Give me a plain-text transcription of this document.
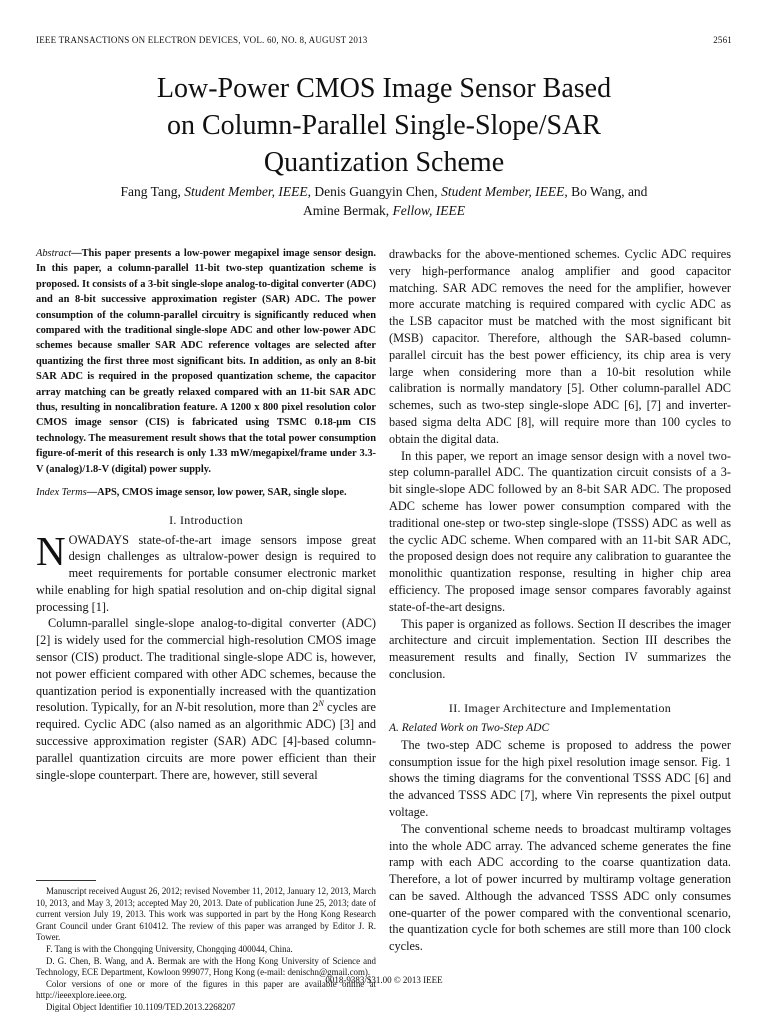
IEEE TRANSACTIONS ON ELECTRON DEVICES, VOL. 60, NO. 8, AUGUST 2013	2561
Low-Power CMOS Image Sensor Based
on Column-Parallel Single-Slope/SAR
Quantization Scheme
Fang Tang, Student Member, IEEE, Denis Guangyin Chen, Student Member, IEEE, Bo Wang, and
Amine Bermak, Fellow, IEEE
Abstract—This paper presents a low-power megapixel image sensor design. In this paper, a column-parallel 11-bit two-step quantization scheme is proposed. It consists of a 3-bit single-slope analog-to-digital converter (ADC) and an 8-bit successive approximation register (SAR) ADC. The power consumption of the column-parallel circuitry is significantly reduced when compared with the traditional single-slope ADC and other low-power ADC schemes because smaller SAR ADC reference voltages are selected after quantizing the first three most significant bits. In addition, as only an 8-bit SAR ADC is required in the proposed quantization scheme, the capacitor array matching can be greatly relaxed compared with an 11-bit SAR ADC thus, resulting in noncalibration feature. A 1200 x 800 pixel resolution color CMOS image sensor (CIS) is fabricated using TSMC 0.18-μm CIS technology. The measurement result shows that the total power consumption figure-of-merit of this research is only 1.33 mW/megapixel/frame under 3.3-V (analog)/1.8-V (digital) power supply.
Index Terms—APS, CMOS image sensor, low power, SAR, single slope.
I. Introduction

NOWADAYS state-of-the-art image sensors impose great design challenges as ultralow-power design is required to meet requirements for portable consumer electronic market while enabling for high spatial resolution and on-chip digital signal processing [1].

Column-parallel single-slope analog-to-digital converter (ADC) [2] is widely used for the commercial high-resolution CMOS image sensor (CIS) product. The traditional single-slope ADC is, however, not power efficient compared with other ADC schemes, because the quantization period is exponentially increased with the quantization resolution. Typically, for an N-bit resolution, more than $2^N$ cycles are required. Cyclic ADC (also named as an algorithmic ADC) [3] and successive approximation register (SAR) ADC [4]-based column-parallel quantization circuits are more power efficient than their single-slope counterpart. There are, however, still several

Manuscript received August 26, 2012; revised November 11, 2012, January 12, 2013, March 10, 2013, and May 3, 2013; accepted May 20, 2013. Date of publication June 25, 2013; date of current version July 19, 2013. This work was supported in part by the Hong Kong Research Grant Council under Grant 610412. The review of this paper was arranged by Editor J. R. Tower.

F. Tang is with the Chongqing University, Chongqing 400044, China.

D. G. Chen, B. Wang, and A. Bermak are with the Hong Kong University of Science and Technology, ECE Department, Kowloon 999077, Hong Kong (e-mail: denischn@gmail.com).

Color versions of one or more of the figures in this paper are available online at http://ieeexplore.ieee.org.

Digital Object Identifier 10.1109/TED.2013.2268207

drawbacks for the above-mentioned schemes. Cyclic ADC requires very high-performance analog amplifier and good capacitor matching. SAR ADC removes the need for the amplifier, however more accurate matching is required compared with cyclic ADC as the LSB capacitor must be matched with the most significant bit (MSB) capacitor. Therefore, although the SAR-based column-parallel circuit has the best power efficiency, its chip area is very large when considering more than a 10-bit resolution while calibration is normally mandatory [5]. Other column-parallel ADC schemes, such as two-step single-slope ADC [6], [7] and inverter-based sigma delta ADC [8], will require more than 100 cycles to obtain the digital data.

In this paper, we report an image sensor design with a novel two-step column-parallel ADC. The quantization circuit consists of a 3-bit single-slope ADC followed by an 8-bit SAR ADC. The proposed ADC scheme has lower power consumption compared with the traditional one-step or two-step single-slope (TSSS) ADC as well as the cyclic ADC scheme. When compared with an 11-bit SAR ADC, the proposed design does not require any calibration to guarantee the monolithic quantization response, resulting in higher chip area efficiency. The proposed image sensor compares favorably against state-of-the-art designs.

This paper is organized as follows. Section II describes the imager architecture and circuit implementation. Section III describes the measurement results and finally, Section IV summarizes the conclusion.

II. Imager Architecture and Implementation
A. Related Work on Two-Step ADC

The two-step ADC scheme is proposed to address the power consumption issue for the high pixel resolution image sensor. Fig. 1 shows the timing diagrams for the conventional TSSS ADC [6] and the advanced TSSS ADC [7], where Vin represents the pixel output voltage.

The conventional scheme needs to broadcast multiramp voltages into the whole ADC array. The advanced scheme generates the fine ramp with each ADC according to the coarse quantization data. Therefore, a lot of power incurred by multiramp voltage generation can be saved. Although the advanced TSSS ADC only consumes one-quarter of the power compared with the conventional scenario, the quantization cycle for both schemes are still more than 100 clock cycles.

0018-9383/$31.00 © 2013 IEEE
